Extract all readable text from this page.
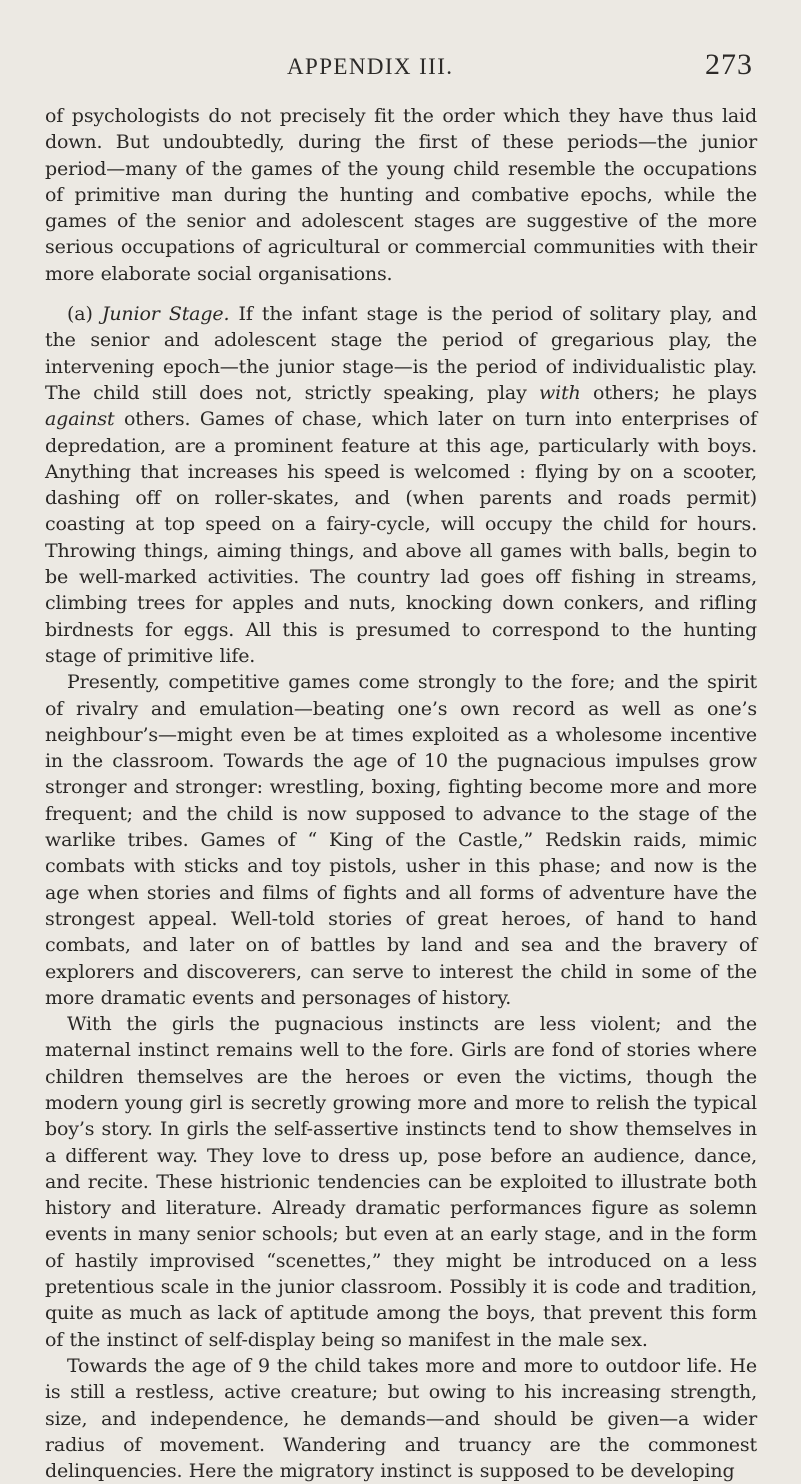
APPENDIX III.	273

of psychologists do not precisely fit the order which they have thus laid down. But undoubtedly, during the first of these periods—the junior period—many of the games of the young child resemble the occupations of primitive man during the hunting and combative epochs, while the games of the senior and adolescent stages are suggestive of the more serious occupations of agricultural or commercial communities with their more elaborate social organisations.

(a) Junior Stage. If the infant stage is the period of solitary play, and the senior and adolescent stage the period of gregarious play, the intervening epoch—the junior stage—is the period of individualistic play. The child still does not, strictly speaking, play with others; he plays against others. Games of chase, which later on turn into enterprises of depredation, are a prominent feature at this age, particularly with boys. Anything that increases his speed is welcomed : flying by on a scooter, dashing off on roller-skates, and (when parents and roads permit) coasting at top speed on a fairy-cycle, will occupy the child for hours. Throwing things, aiming things, and above all games with balls, begin to be well-marked activities. The country lad goes off fishing in streams, climbing trees for apples and nuts, knocking down conkers, and rifling birdnests for eggs. All this is presumed to correspond to the hunting stage of primitive life.

Presently, competitive games come strongly to the fore; and the spirit of rivalry and emulation—beating one’s own record as well as one’s neighbour’s—might even be at times exploited as a wholesome incentive in the classroom. Towards the age of 10 the pugnacious impulses grow stronger and stronger: wrestling, boxing, fighting become more and more frequent; and the child is now supposed to advance to the stage of the warlike tribes. Games of “ King of the Castle,” Redskin raids, mimic combats with sticks and toy pistols, usher in this phase; and now is the age when stories and films of fights and all forms of adventure have the strongest appeal. Well-told stories of great heroes, of hand to hand combats, and later on of battles by land and sea and the bravery of explorers and discoverers, can serve to interest the child in some of the more dramatic events and personages of history.

With the girls the pugnacious instincts are less violent; and the maternal instinct remains well to the fore. Girls are fond of stories where children themselves are the heroes or even the victims, though the modern young girl is secretly growing more and more to relish the typical boy’s story. In girls the self-assertive instincts tend to show themselves in a different way. They love to dress up, pose before an audience, dance, and recite. These histrionic tendencies can be exploited to illustrate both history and literature. Already dramatic performances figure as solemn events in many senior schools; but even at an early stage, and in the form of hastily improvised “scenettes,” they might be introduced on a less pretentious scale in the junior classroom. Possibly it is code and tradition, quite as much as lack of aptitude among the boys, that prevent this form of the instinct of self-display being so manifest in the male sex.

Towards the age of 9 the child takes more and more to outdoor life. He is still a restless, active creature; but owing to his increasing strength, size, and independence, he demands—and should be given—a wider radius of movement. Wandering and truancy are the commonest delinquencies. Here the migratory instinct is supposed to be developing
